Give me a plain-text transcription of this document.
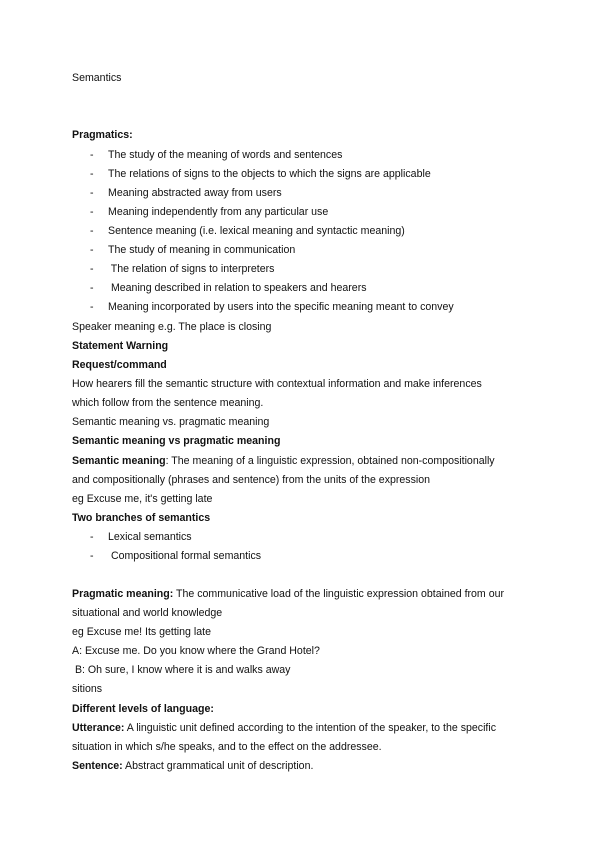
Semantics
Pragmatics:
- The study of the meaning of words and sentences
- The relations of signs to the objects to which the signs are applicable
- Meaning abstracted away from users
- Meaning independently from any particular use
- Sentence meaning (i.e. lexical meaning and syntactic meaning)
- The study of meaning in communication
- The relation of signs to interpreters
- Meaning described in relation to speakers and hearers
- Meaning incorporated by users into the specific meaning meant to convey
Speaker meaning e.g. The place is closing
Statement Warning
Request/command
How hearers fill the semantic structure with contextual information and make inferences
which follow from the sentence meaning.
Semantic meaning vs. pragmatic meaning
Semantic meaning vs pragmatic meaning
Semantic meaning: The meaning of a linguistic expression, obtained non-compositionally
and compositionally (phrases and sentence) from the units of the expression
eg Excuse me, it's getting late
Two branches of semantics
- Lexical semantics
- Compositional formal semantics
Pragmatic meaning: The communicative load of the linguistic expression obtained from our
situational and world knowledge
eg Excuse me! Its getting late
A: Excuse me. Do you know where the Grand Hotel?
B: Oh sure, I know where it is and walks away
sitions
Different levels of language:
Utterance: A linguistic unit defined according to the intention of the speaker, to the specific
situation in which s/he speaks, and to the effect on the addressee.
Sentence: Abstract grammatical unit of description.
